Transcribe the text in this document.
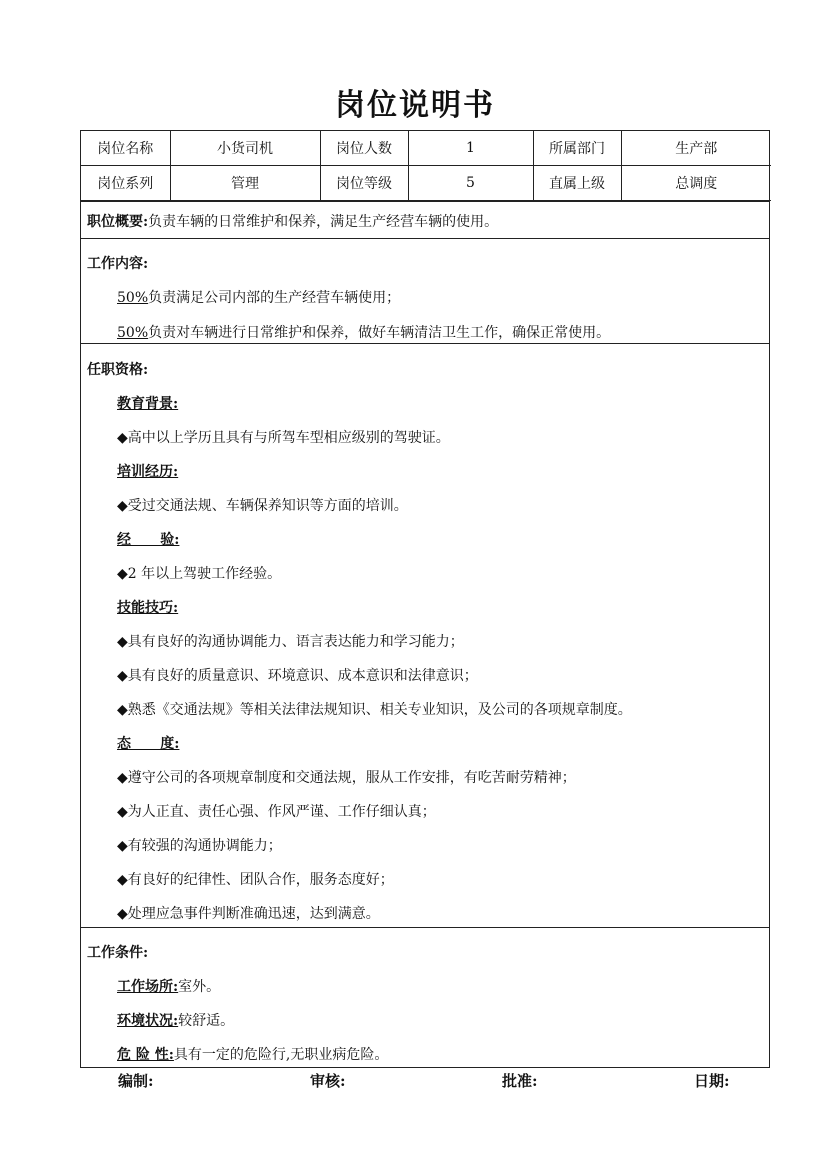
岗位说明书
岗位名称	小货司机	岗位人数	1	所属部门	生产部
岗位系列	管理	岗位等级	5	直属上级	总调度
职位概要:负责车辆的日常维护和保养，满足生产经营车辆的使用。
工作内容:
50%负责满足公司内部的生产经营车辆使用；
50%负责对车辆进行日常维护和保养，做好车辆清洁卫生工作，确保正常使用。
任职资格:
教育背景:
◆高中以上学历且具有与所驾车型相应级别的驾驶证。
培训经历:
◆受过交通法规、车辆保养知识等方面的培训。
经      验:
◆2 年以上驾驶工作经验。
技能技巧:
◆具有良好的沟通协调能力、语言表达能力和学习能力；
◆具有良好的质量意识、环境意识、成本意识和法律意识；
◆熟悉《交通法规》等相关法律法规知识、相关专业知识，及公司的各项规章制度。
态      度:
◆遵守公司的各项规章制度和交通法规，服从工作安排，有吃苦耐劳精神；
◆为人正直、责任心强、作风严谨、工作仔细认真；
◆有较强的沟通协调能力；
◆有良好的纪律性、团队合作，服务态度好；
◆处理应急事件判断准确迅速，达到满意。
工作条件:
工作场所:室外。
环境状况:较舒适。
危 险 性:具有一定的危险行,无职业病危险。
编制:	审核:	批准:	日期:
